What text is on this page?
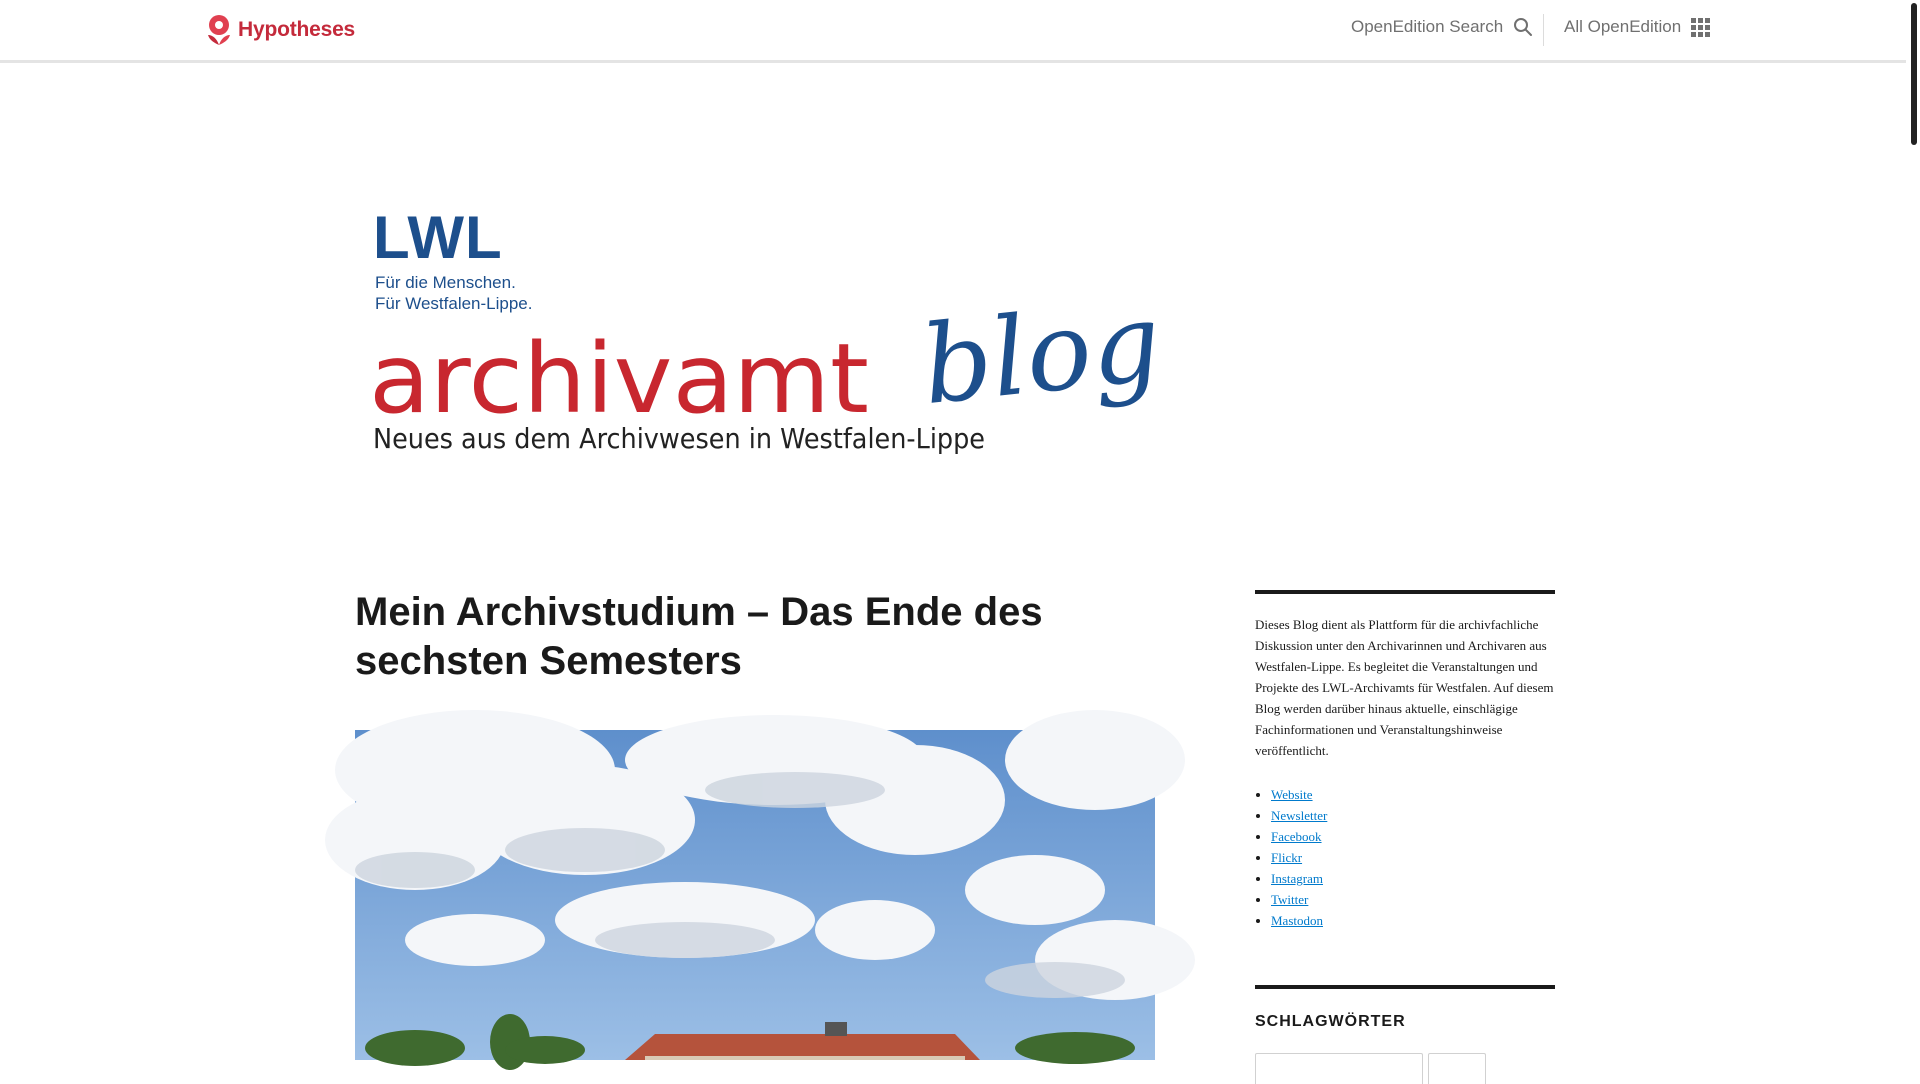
Hypotheses	OpenEdition Search	All OpenEdition
LWL
Für die Menschen.
Für Westfalen-Lippe.
archivamt blog
Neues aus dem Archivwesen in Westfalen-Lippe
Mein Archivstudium – Das Ende des sechsten Semesters

Dieses Blog dient als Plattform für die archivfachliche Diskussion unter den Archivarinnen und Archivaren aus Westfalen-Lippe. Es begleitet die Veranstaltungen und Projekte des LWL-Archivamts für Westfalen. Auf diesem Blog werden darüber hinaus aktuelle, einschlägige Fachinformationen und Veranstaltungshinweise veröffentlicht.

• Website
• Newsletter
• Facebook
• Flickr
• Instagram
• Twitter
• Mastodon
SCHLAGWÖRTER
